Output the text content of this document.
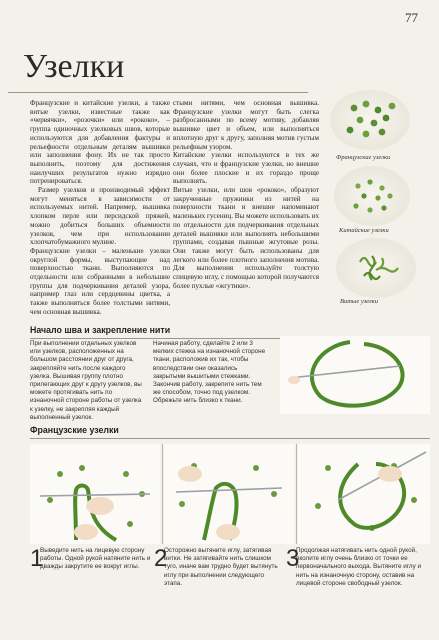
77
Узелки

Французские и китайские узелки, а также витые узелки, известные также как «червячки», «розочки» или «рококо», – группа одиночных узелковых швов, которые используются для добавления фактуры и рельефности отдельным деталям вышивки или заполнения фону. Их не так просто выполнить, поэтому для достижения наилучших результатов нужно изрядно потренироваться.

Размер узелков и производимый эффект могут меняться в зависимости от используемых нитей. Например, вышивка хлопком перле или персидской пряжей, можно добиться больших объемности узелков, чем при использовании хлопчатобумажного мулине.

Французские узелки – маленькие узелки округлой формы, выступающие над поверхностью ткани. Выполняются по отдельности или собранными в небольшие группы для подчеркивания деталей узора, например глаз или сердцевины цветка, а также выполняться более толстыми нитями, чем основная вышивка.

стыми нитями, чем основная вышивка. Французские узелки могут быть слегка разбросанными по всему мотиву, добавляя вышивке цвет и объем, или выполняться вплотную друг к другу, заполняя мотив густым рельефным узором.

Китайские узелки используются в тех же случаях, что и французские узелки, но внешне они более плоские и их гораздо проще выполнять.

Витые узелки, или шов «рококо», образуют закрученные пружинки из нитей на поверхности ткани и внешне напоминают маленьких гусениц. Вы можете использовать их по отдельности для подчеркивания отдельных деталей вышивки или выполнять небольшими группами, создавая пышные жгутовые розы. Они также могут быть использованы для легкого или более плотного заполнения мотива. Для выполнения используйте толстую спицевую иглу, с помощью которой получаются более пухлые «жгутики».

Французские узелки
Китайские узелки
Витые узелки
Начало шва и закрепление нити
При выполнении отдельных узелков или узелков, расположенных на большом расстоянии друг от друга, закрепляйте нить после каждого узелка. Вышивая группу плотно прилегающих друг к другу узелков, вы можете протягивать нить по изнаночной стороне работы от узелка к узелку, не закрепляя каждый выполненный узелок.
Начиная работу, сделайте 2 или 3 мелких стежка на изнаночной стороне ткани, расположив их так, чтобы впоследствии они оказались закрытыми вышитыми стежками. Закончив работу, закрепите нить тем же способом, точно под узелком. Обрежьте нить близко к ткани.
Французские узелки
1
Выведите нить на лицевую сторону работы. Одной рукой натяните нить и дважды закрутите ее вокруг иглы. 2
Осторожно вытяните иглу, затягивая витки. Не затягивайте нить слишком туго, иначе вам трудно будет вытянуть иглу при выполнении следующего этапа.
3
Продолжая натягивать нить одной рукой, вколите иглу очень близко от точки ее первоначального выхода. Вытяните иглу и нить на изнаночную сторону, оставив на лицевой стороне свободный узелок.
